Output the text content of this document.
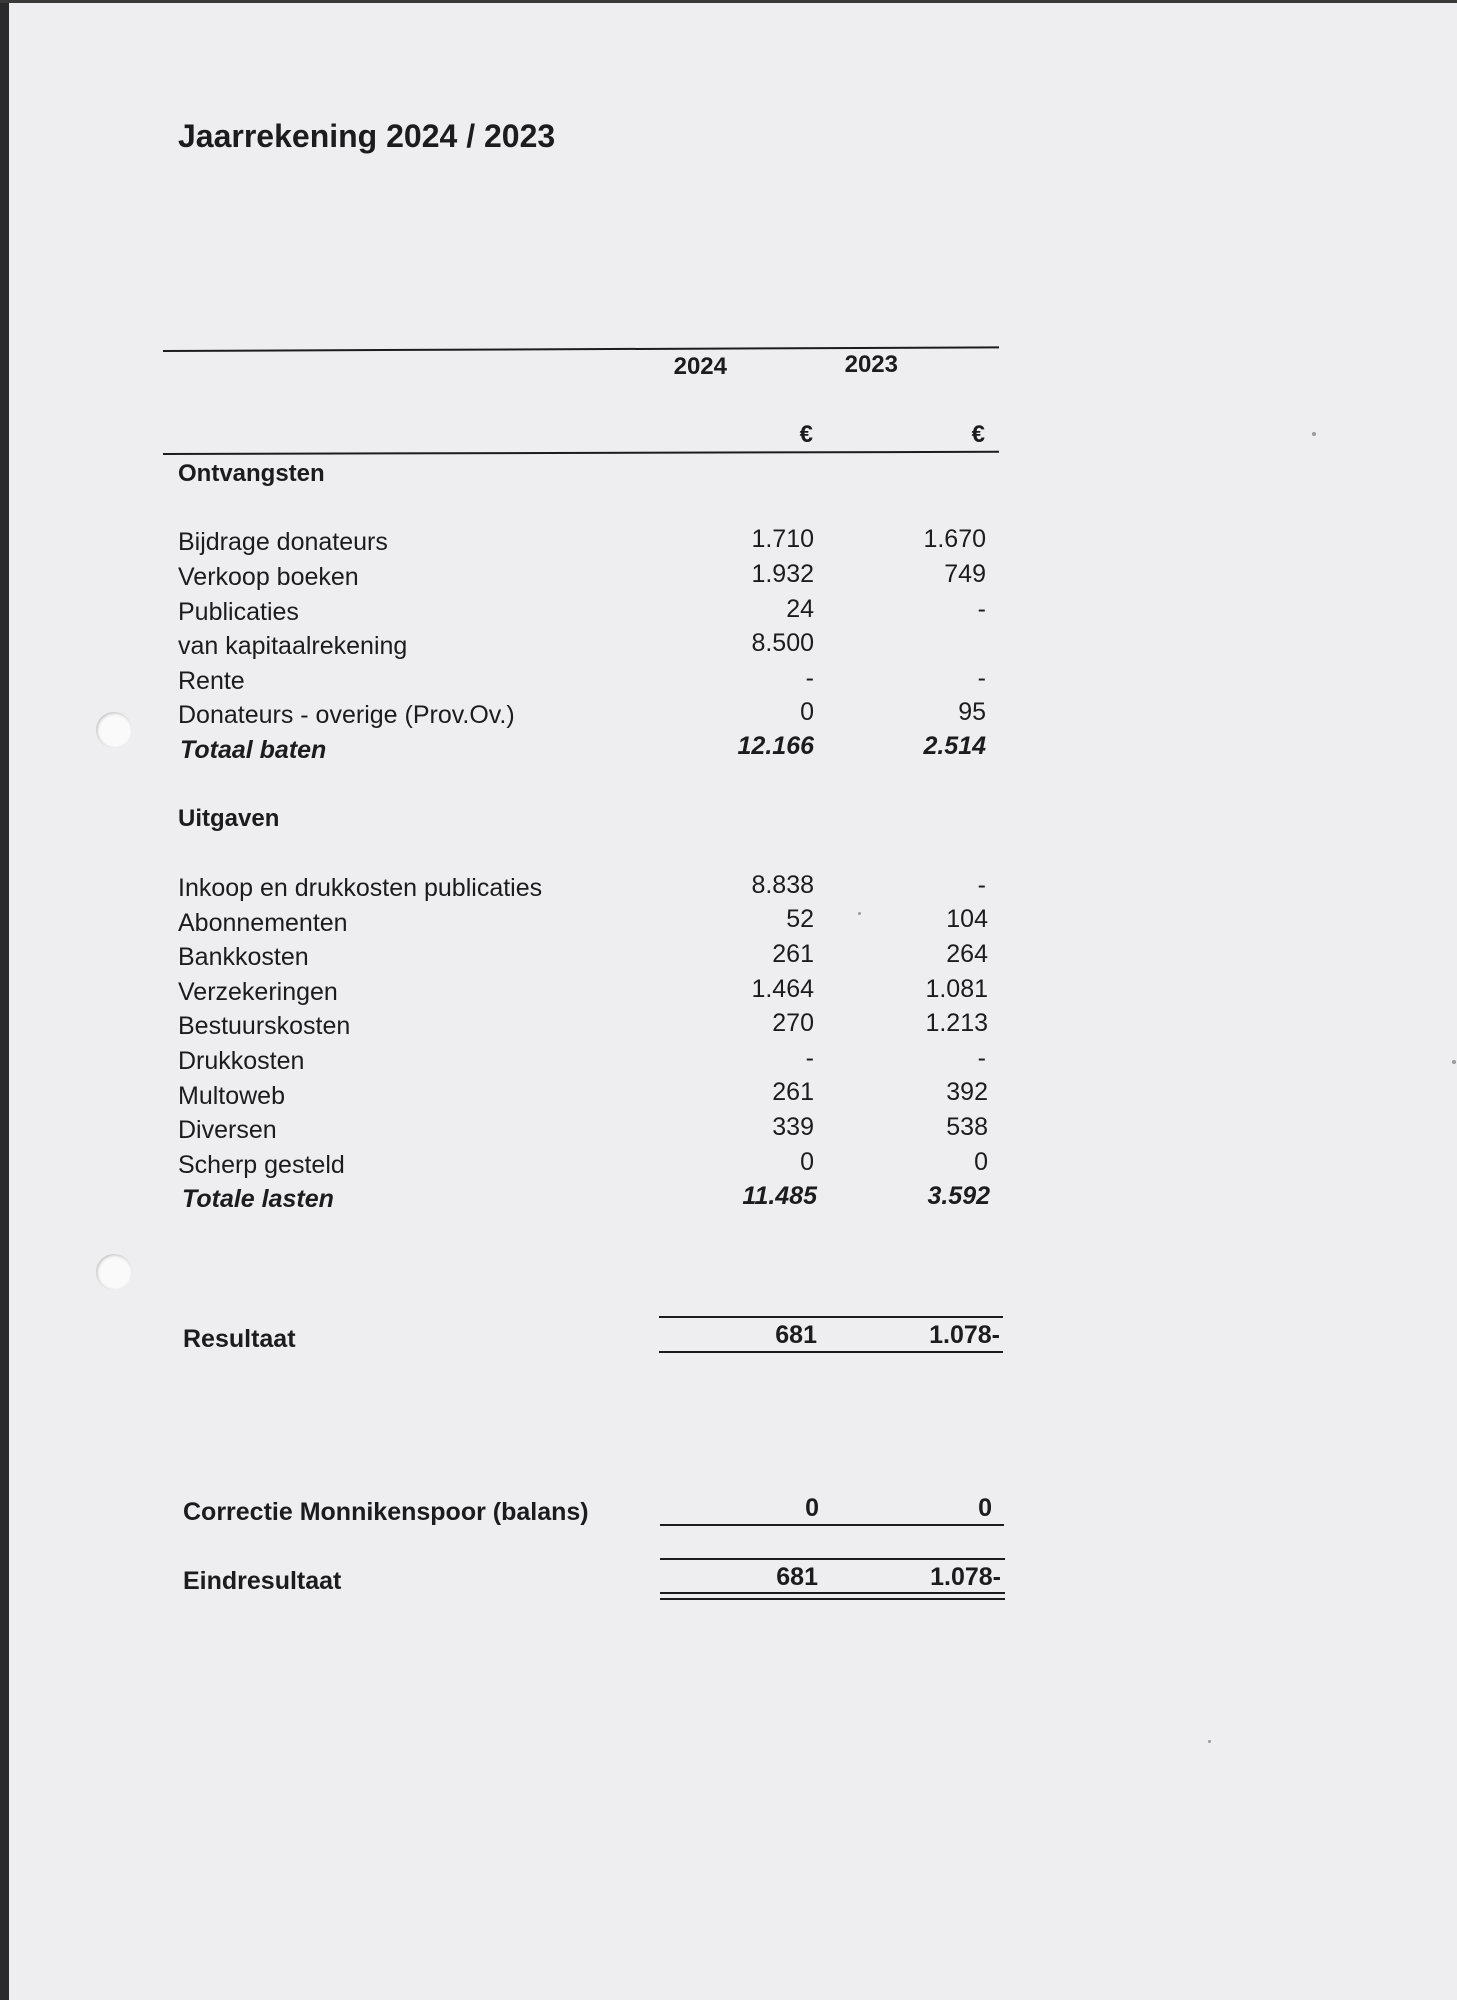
Jaarrekening 2024 / 2023
2024	2023
€	€
Ontvangsten
Bijdrage donateurs	1.710	1.670
Verkoop boeken	1.932	749
Publicaties	24	-
van kapitaalrekening	8.500
Rente	-	-
Donateurs - overige (Prov.Ov.)	0	95
Totaal baten	12.166	2.514
Uitgaven
Inkoop en drukkosten publicaties	8.838	-
Abonnementen	52	104
Bankkosten	261	264
Verzekeringen	1.464	1.081
Bestuurskosten	270	1.213
Drukkosten	-	-
Multoweb	261	392
Diversen	339	538
Scherp gesteld	0	0
Totale lasten	11.485	3.592
Resultaat	681	1.078-
Correctie Monnikenspoor (balans)	0	0
Eindresultaat	681	1.078-
